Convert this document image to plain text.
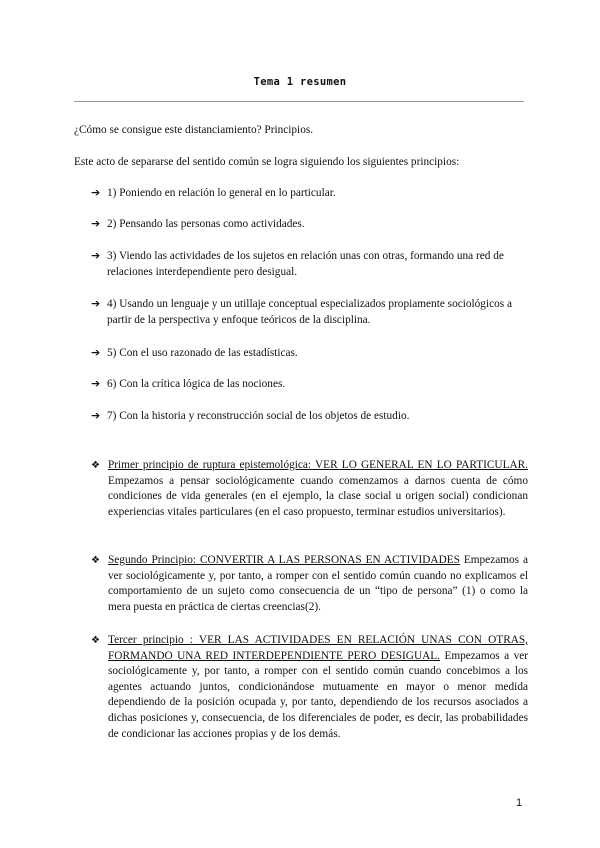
Tema 1 resumen

¿Cómo se consigue este distanciamiento? Principios.

Este acto de separarse del sentido común se logra siguiendo los siguientes principios:

➔ 1) Poniendo en relación lo general en lo particular.
➔ 2) Pensando las personas como actividades.
➔ 3) Viendo las actividades de los sujetos en relación unas con otras, formando una red de relaciones interdependiente pero desigual.
➔ 4) Usando un lenguaje y un utillaje conceptual especializados propiamente sociológicos a partir de la perspectiva y enfoque teóricos de la disciplina.
➔ 5) Con el uso razonado de las estadísticas.
➔ 6) Con la crítica lógica de las nociones.
➔ 7) Con la historia y reconstrucción social de los objetos de estudio.
❖ Primer principio de ruptura epistemológica: VER LO GENERAL EN LO PARTICULAR. Empezamos a pensar sociológicamente cuando comenzamos a darnos cuenta de cómo condiciones de vida generales (en el ejemplo, la clase social u origen social) condicionan experiencias vitales particulares (en el caso propuesto, terminar estudios universitarios).
❖ Segundo Principio: CONVERTIR A LAS PERSONAS EN ACTIVIDADES Empezamos a ver sociológicamente y, por tanto, a romper con el sentido común cuando no explicamos el comportamiento de un sujeto como consecuencia de un “tipo de persona” (1) o como la mera puesta en práctica de ciertas creencias(2).
❖ Tercer principio : VER LAS ACTIVIDADES EN RELACIÓN UNAS CON OTRAS, FORMANDO UNA RED INTERDEPENDIENTE PERO DESIGUAL. Empezamos a ver sociológicamente y, por tanto, a romper con el sentido común cuando concebimos a los agentes actuando juntos, condicionándose mutuamente en mayor o menor medida dependiendo de la posición ocupada y, por tanto, dependiendo de los recursos asociados a dichas posiciones y, consecuencia, de los diferenciales de poder, es decir, las probabilidades de condicionar las acciones propias y de los demás.
1
